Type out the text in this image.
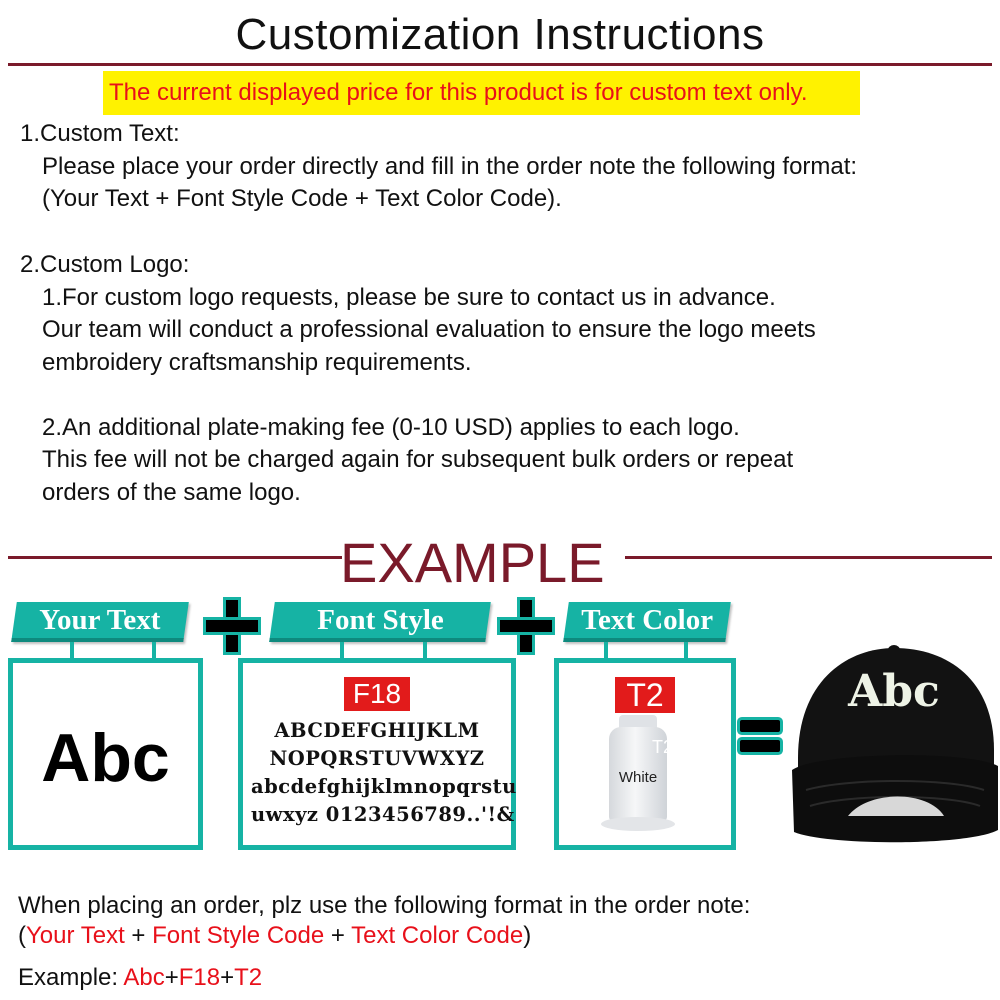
Customization Instructions
The current displayed price for this product is for custom text only.
1.Custom Text:
Please place your order directly and fill in the order note the following format:
(Your Text + Font Style Code + Text Color Code).
2.Custom Logo:
1.For custom logo requests, please be sure to contact us in advance.
Our team will conduct a professional evaluation to ensure the logo meets
embroidery craftsmanship requirements.
2.An additional plate-making fee (0-10 USD) applies to each logo.
This fee will not be charged again for subsequent bulk orders or repeat
orders of the same logo.
EXAMPLE
Your Text	Font Style	Text Color
Abc
F18
ABCDEFGHIJKLM
NOPQRSTUVWXYZ
abcdefghijklmnopqrstu
uwxyz 0123456789..'!&
T2
White
T2
Abc
When placing an order, plz use the following format in the order note:
(Your Text + Font Style Code + Text Color Code)
Example: Abc+F18+T2
